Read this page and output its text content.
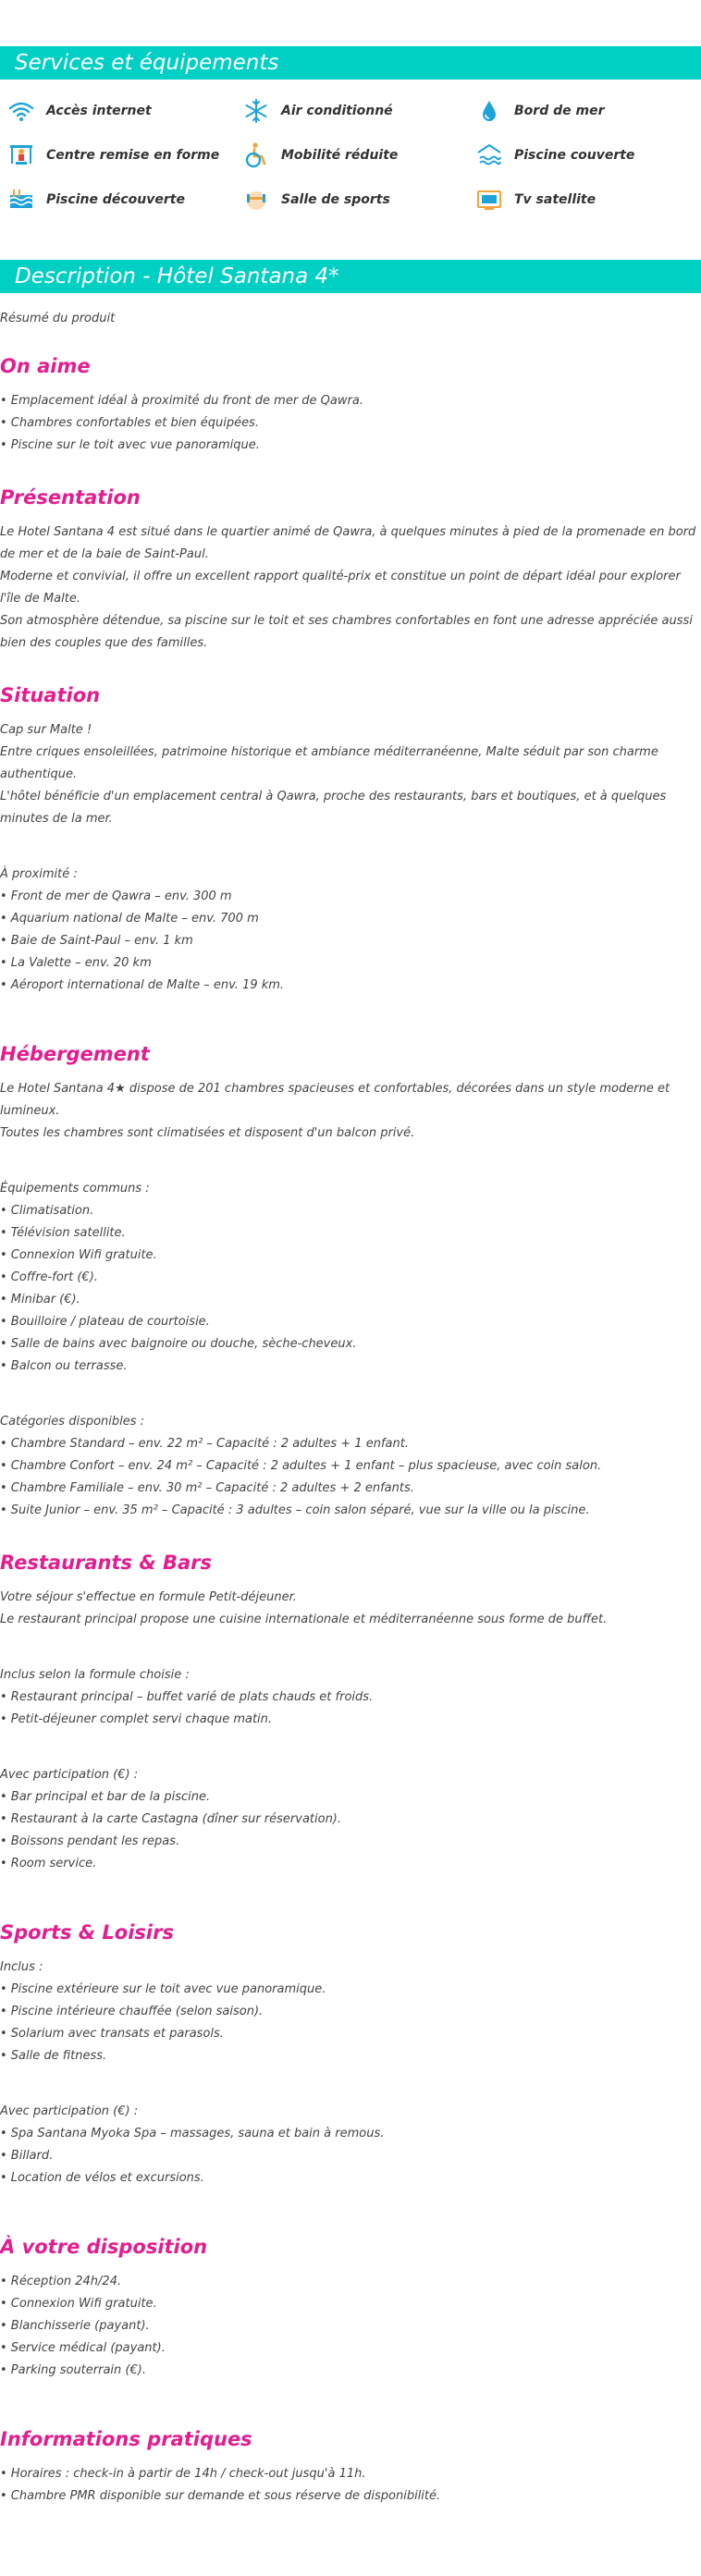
Services et équipements
Accès internet	Air conditionné	Bord de mer
Centre remise en forme	Mobilité réduite	Piscine couverte
Piscine découverte	Salle de sports	Tv satellite
Description - Hôtel Santana 4*
Résumé du produit
On aime
• Emplacement idéal à proximité du front de mer de Qawra.
• Chambres confortables et bien équipées.
• Piscine sur le toit avec vue panoramique.
Présentation

Le Hotel Santana 4 est situé dans le quartier animé de Qawra, à quelques minutes à pied de la promenade en bord de mer et de la baie de Saint-Paul.

Moderne et convivial, il offre un excellent rapport qualité-prix et constitue un point de départ idéal pour explorer l'île de Malte.

Son atmosphère détendue, sa piscine sur le toit et ses chambres confortables en font une adresse appréciée aussi bien des couples que des familles.

Situation

Cap sur Malte !

Entre criques ensoleillées, patrimoine historique et ambiance méditerranéenne, Malte séduit par son charme authentique.

L'hôtel bénéficie d'un emplacement central à Qawra, proche des restaurants, bars et boutiques, et à quelques minutes de la mer.

À proximité :

• Front de mer de Qawra – env. 300 m

• Aquarium national de Malte – env. 700 m

• Baie de Saint-Paul – env. 1 km

• La Valette – env. 20 km

• Aéroport international de Malte – env. 19 km.

Hébergement

Le Hotel Santana 4★ dispose de 201 chambres spacieuses et confortables, décorées dans un style moderne et lumineux.

Toutes les chambres sont climatisées et disposent d'un balcon privé.

Équipements communs :

• Climatisation.

• Télévision satellite.

• Connexion Wifi gratuite.

• Coffre-fort (€).

• Minibar (€).

• Bouilloire / plateau de courtoisie.

• Salle de bains avec baignoire ou douche, sèche-cheveux.

• Balcon ou terrasse.

Catégories disponibles :

• Chambre Standard – env. 22 m² – Capacité : 2 adultes + 1 enfant.

• Chambre Confort – env. 24 m² – Capacité : 2 adultes + 1 enfant – plus spacieuse, avec coin salon.

• Chambre Familiale – env. 30 m² – Capacité : 2 adultes + 2 enfants.

• Suite Junior – env. 35 m² – Capacité : 3 adultes – coin salon séparé, vue sur la ville ou la piscine.

Restaurants & Bars

Votre séjour s'effectue en formule Petit-déjeuner.

Le restaurant principal propose une cuisine internationale et méditerranéenne sous forme de buffet.

Inclus selon la formule choisie :

• Restaurant principal – buffet varié de plats chauds et froids.

• Petit-déjeuner complet servi chaque matin.

Avec participation (€) :

• Bar principal et bar de la piscine.

• Restaurant à la carte Castagna (dîner sur réservation).

• Boissons pendant les repas.

• Room service.

Sports & Loisirs

Inclus :

• Piscine extérieure sur le toit avec vue panoramique.

• Piscine intérieure chauffée (selon saison).

• Solarium avec transats et parasols.

• Salle de fitness.

Avec participation (€) :

• Spa Santana Myoka Spa – massages, sauna et bain à remous.

• Billard.

• Location de vélos et excursions.

À votre disposition

• Réception 24h/24.

• Connexion Wifi gratuite.

• Blanchisserie (payant).

• Service médical (payant).

• Parking souterrain (€).

Informations pratiques

• Horaires : check-in à partir de 14h / check-out jusqu'à 11h.

• Chambre PMR disponible sur demande et sous réserve de disponibilité.
